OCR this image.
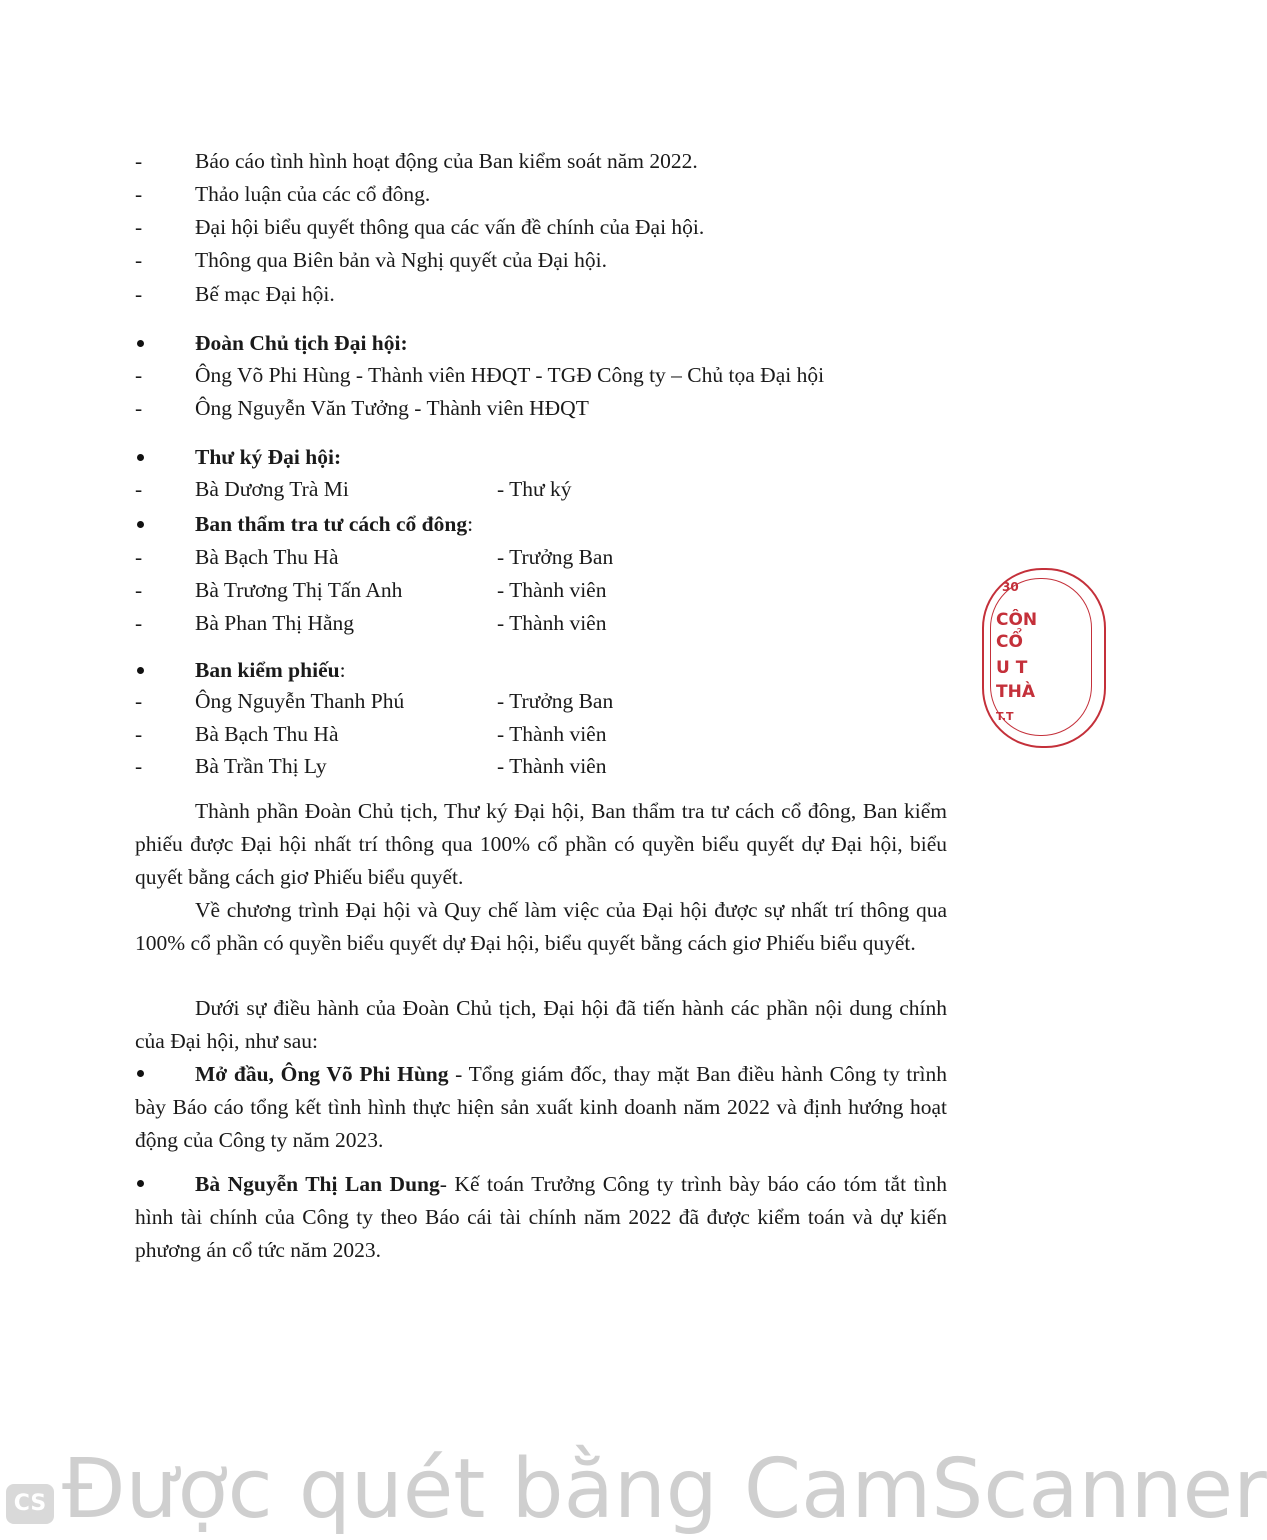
-	Báo cáo tình hình hoạt động của Ban kiểm soát năm 2022.
-	Thảo luận của các cổ đông.
-	Đại hội biểu quyết thông qua các vấn đề chính của Đại hội.
-	Thông qua Biên bản và Nghị quyết của Đại hội.
-	Bế mạc Đại hội.
Đoàn Chủ tịch Đại hội:
-	Ông Võ Phi Hùng - Thành viên HĐQT - TGĐ Công ty – Chủ tọa Đại hội
-	Ông Nguyễn Văn Tưởng - Thành viên HĐQT
Thư ký Đại hội:
-	Bà Dương Trà Mi	- Thư ký
Ban thẩm tra tư cách cổ đông:
-	Bà Bạch Thu Hà	- Trưởng Ban
-	Bà Trương Thị Tấn Anh	- Thành viên
-	Bà Phan Thị Hằng	- Thành viên
Ban kiểm phiếu:
-	Ông Nguyễn Thanh Phú	- Trưởng Ban
-	Bà Bạch Thu Hà	- Thành viên
-	Bà Trần Thị Ly	- Thành viên
Thành phần Đoàn Chủ tịch, Thư ký Đại hội, Ban thẩm tra tư cách cổ đông, Ban kiểm phiếu được Đại hội nhất trí thông qua 100% cổ phần có quyền biểu quyết dự Đại hội, biểu quyết bằng cách giơ Phiếu biểu quyết.
Về chương trình Đại hội và Quy chế làm việc của Đại hội được sự nhất trí thông qua 100% cổ phần có quyền biểu quyết dự Đại hội, biểu quyết bằng cách giơ Phiếu biểu quyết.
Dưới sự điều hành của Đoàn Chủ tịch, Đại hội đã tiến hành các phần nội dung chính của Đại hội, như sau:
Mở đầu, Ông Võ Phi Hùng - Tổng giám đốc, thay mặt Ban điều hành Công ty trình bày Báo cáo tổng kết tình hình thực hiện sản xuất kinh doanh năm 2022 và định hướng hoạt động của Công ty năm 2023.
Bà Nguyễn Thị Lan Dung- Kế toán Trưởng Công ty trình bày báo cáo tóm tắt tình hình tài chính của Công ty theo Báo cái tài chính năm 2022 đã được kiểm toán và dự kiến phương án cổ tức năm 2023.
30
CÔN
CỔ
U T
THÀ
T.T
CS Được quét bằng CamScanner
